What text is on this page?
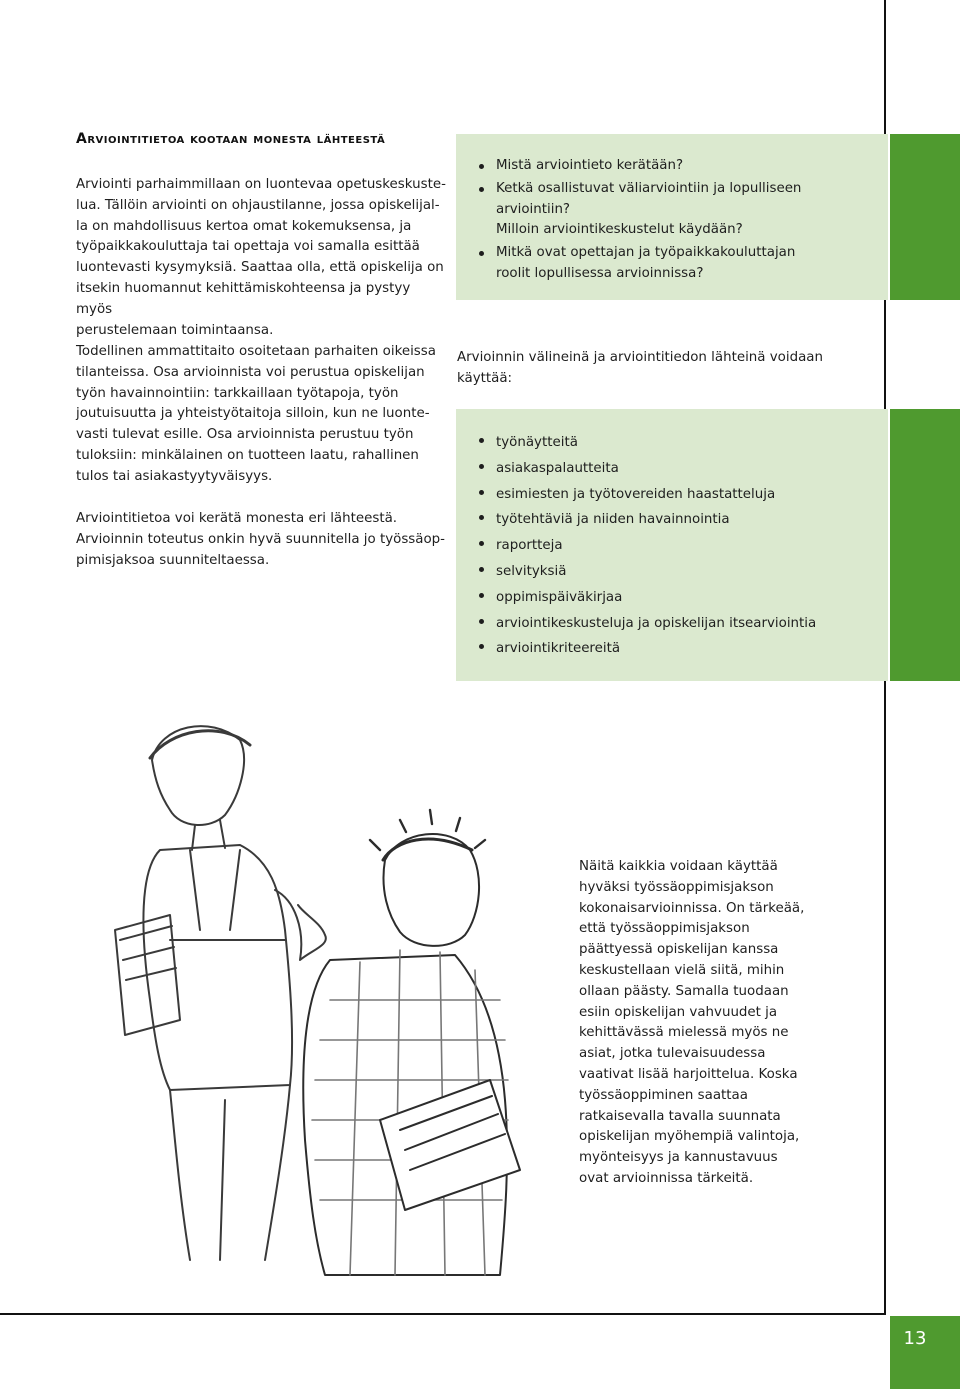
13
Arviointitietoa kootaan monesta lähteestä
Arviointi parhaimmillaan on luontevaa opetuskeskuste-
lua. Tällöin arviointi on ohjaustilanne, jossa opiskelijal-
la on mahdollisuus kertoa omat kokemuksensa, ja
työpaikkakouluttaja tai opettaja voi samalla esittää
luontevasti kysymyksiä. Saattaa olla, että opiskelija on
itsekin huomannut kehittämiskohteensa ja pystyy myös
perustelemaan toimintaansa.
Todellinen ammattitaito osoitetaan parhaiten oikeissa
tilanteissa. Osa arvioinnista voi perustua opiskelijan
työn havainnointiin: tarkkaillaan työtapoja, työn
joutuisuutta ja yhteistyötaitoja silloin, kun ne luonte-
vasti tulevat esille. Osa arvioinnista perustuu työn
tuloksiin: minkälainen on tuotteen laatu, rahallinen
tulos tai asiakastyytyväisyys.
Arviointitietoa voi kerätä monesta eri lähteestä.
Arvioinnin toteutus onkin hyvä suunnitella jo työssäop-
pimisjaksoa suunniteltaessa.
Mistä arviointieto kerätään?
Ketkä osallistuvat väliarviointiin ja lopulliseen
arviointiin?
Milloin arviointikeskustelut käydään?
Mitkä ovat opettajan ja työpaikkakouluttajan
roolit lopullisessa arvioinnissa?
Arvioinnin välineinä ja arviointitiedon lähteinä voidaan
käyttää:
työnäytteitä
asiakaspalautteita
esimiesten ja työtovereiden haastatteluja
työtehtäviä ja niiden havainnointia
raportteja
selvityksiä
oppimispäiväkirjaa
arviointikeskusteluja ja opiskelijan itsearviointia
arviointikriteereitä
Näitä kaikkia voidaan käyttää
hyväksi työssäoppimisjakson
kokonaisarvioinnissa. On tärkeää,
että työssäoppimisjakson
päättyessä opiskelijan kanssa
keskustellaan vielä siitä, mihin
ollaan päästy. Samalla tuodaan
esiin opiskelijan vahvuudet ja
kehittävässä mielessä myös ne
asiat, jotka tulevaisuudessa
vaativat lisää harjoittelua. Koska
työssäoppiminen saattaa
ratkaisevalla tavalla suunnata
opiskelijan myöhempiä valintoja,
myönteisyys ja kannustavuus
ovat arvioinnissa tärkeitä.
